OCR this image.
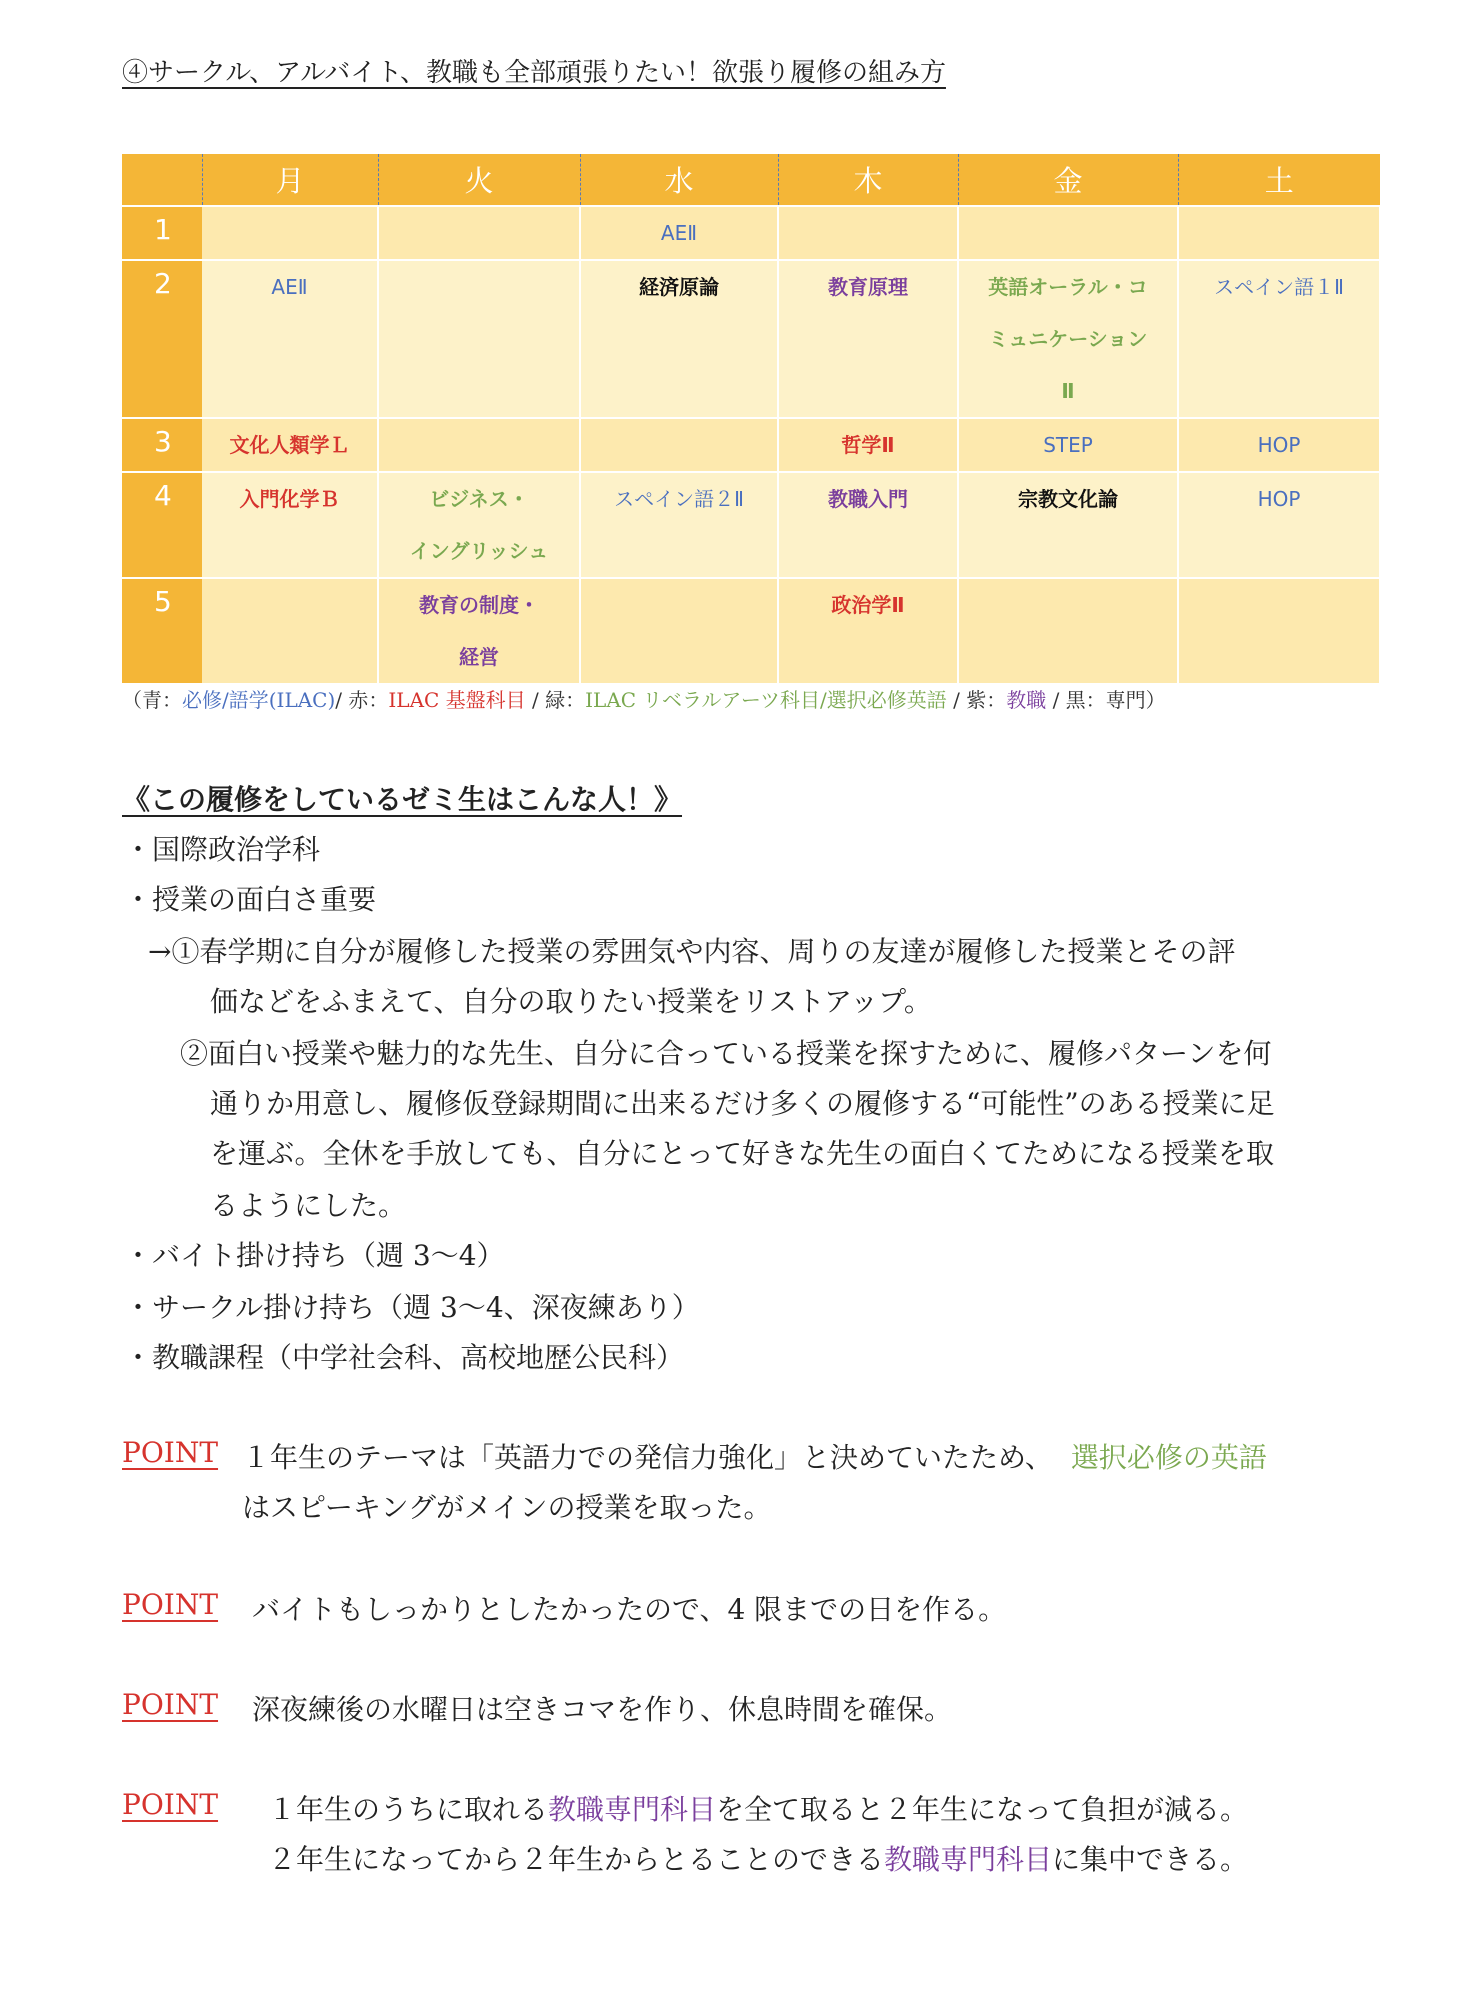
④サークル、アルバイト、教職も全部頑張りたい！欲張り履修の組み方
	月	火	水	木	金	土
1			AEⅡ			
2	AEⅡ		経済原論	教育原理	英語オーラル・コ
ミュニケーション
Ⅱ	スペイン語１Ⅱ
3	文化人類学Ｌ			哲学Ⅱ	STEP	HOP
4	入門化学Ｂ	ビジネス・
イングリッシュ	スペイン語２Ⅱ	教職入門	宗教文化論	HOP
5		教育の制度・
経営		政治学Ⅱ		
（青：必修/語学(ILAC)/ 赤：ILAC 基盤科目 / 緑：ILAC リベラルアーツ科目/選択必修英語 / 紫：教職 / 黒：専門）
《この履修をしているゼミ生はこんな人！》
・国際政治学科
・授業の面白さ重要
→①春学期に自分が履修した授業の雰囲気や内容、周りの友達が履修した授業とその評
価などをふまえて、自分の取りたい授業をリストアップ。
②面白い授業や魅力的な先生、自分に合っている授業を探すために、履修パターンを何
通りか用意し、履修仮登録期間に出来るだけ多くの履修する“可能性”のある授業に足
を運ぶ。全休を手放しても、自分にとって好きな先生の面白くてためになる授業を取
るようにした。
・バイト掛け持ち（週 3〜4）
・サークル掛け持ち（週 3〜4、深夜練あり）
・教職課程（中学社会科、高校地歴公民科）
POINT １年生のテーマは「英語力での発信力強化」と決めていたため、 選択必修の英語
はスピーキングがメインの授業を取った。
POINT バイトもしっかりとしたかったので、4 限までの日を作る。
POINT 深夜練後の水曜日は空きコマを作り、休息時間を確保。
POINT １年生のうちに取れる教職専門科目を全て取ると２年生になって負担が減る。
２年生になってから２年生からとることのできる教職専門科目に集中できる。
